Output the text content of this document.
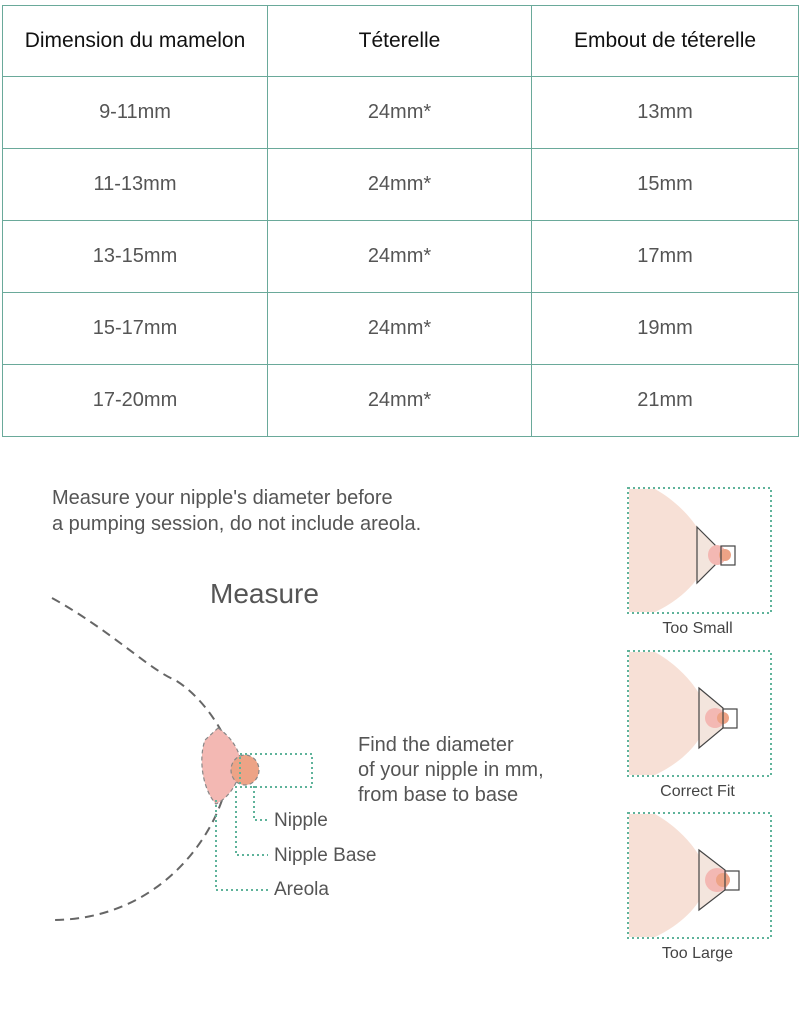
Dimension du mamelon	Téterelle	Embout de téterelle
9-11mm	24mm*	13mm
11-13mm	24mm*	15mm
13-15mm	24mm*	17mm
15-17mm	24mm*	19mm
17-20mm	24mm*	21mm
Measure your nipple's diameter before
a pumping session, do not include areola.
Measure
Find the diameter
of your nipple in mm,
from base to base
Nipple
Nipple Base
Areola
Too Small
Correct Fit
Too Large
